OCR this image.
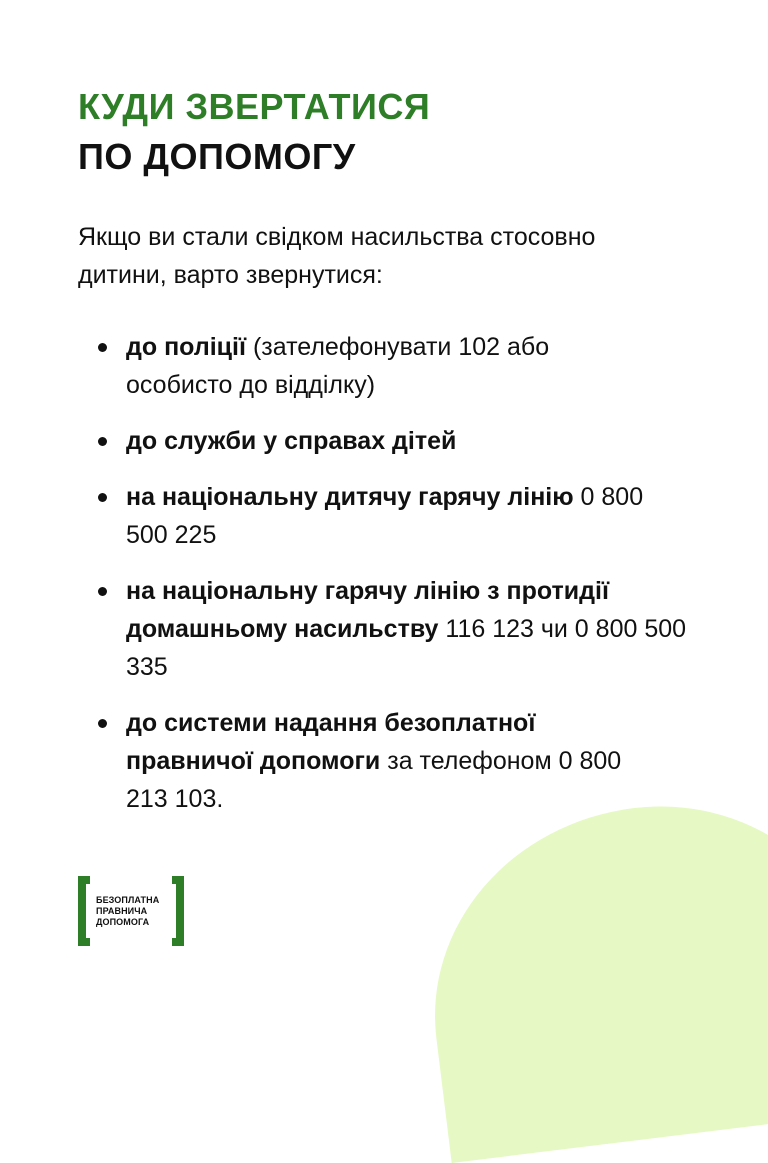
КУДИ ЗВЕРТАТИСЯ
ПО ДОПОМОГУ
Якщо ви стали свідком насильства стосовно дитини, варто звернутися:
до поліції (зателефонувати 102 або особисто до відділку)
до служби у справах дітей
на національну дитячу гарячу лінію 0 800 500 225
на національну гарячу лінію з протидії домашньому насильству 116 123 чи 0 800 500 335
до системи надання безоплатної правничої допомоги за телефоном 0 800 213 103.
БЕЗОПЛАТНА
ПРАВНИЧА
ДОПОМОГА
